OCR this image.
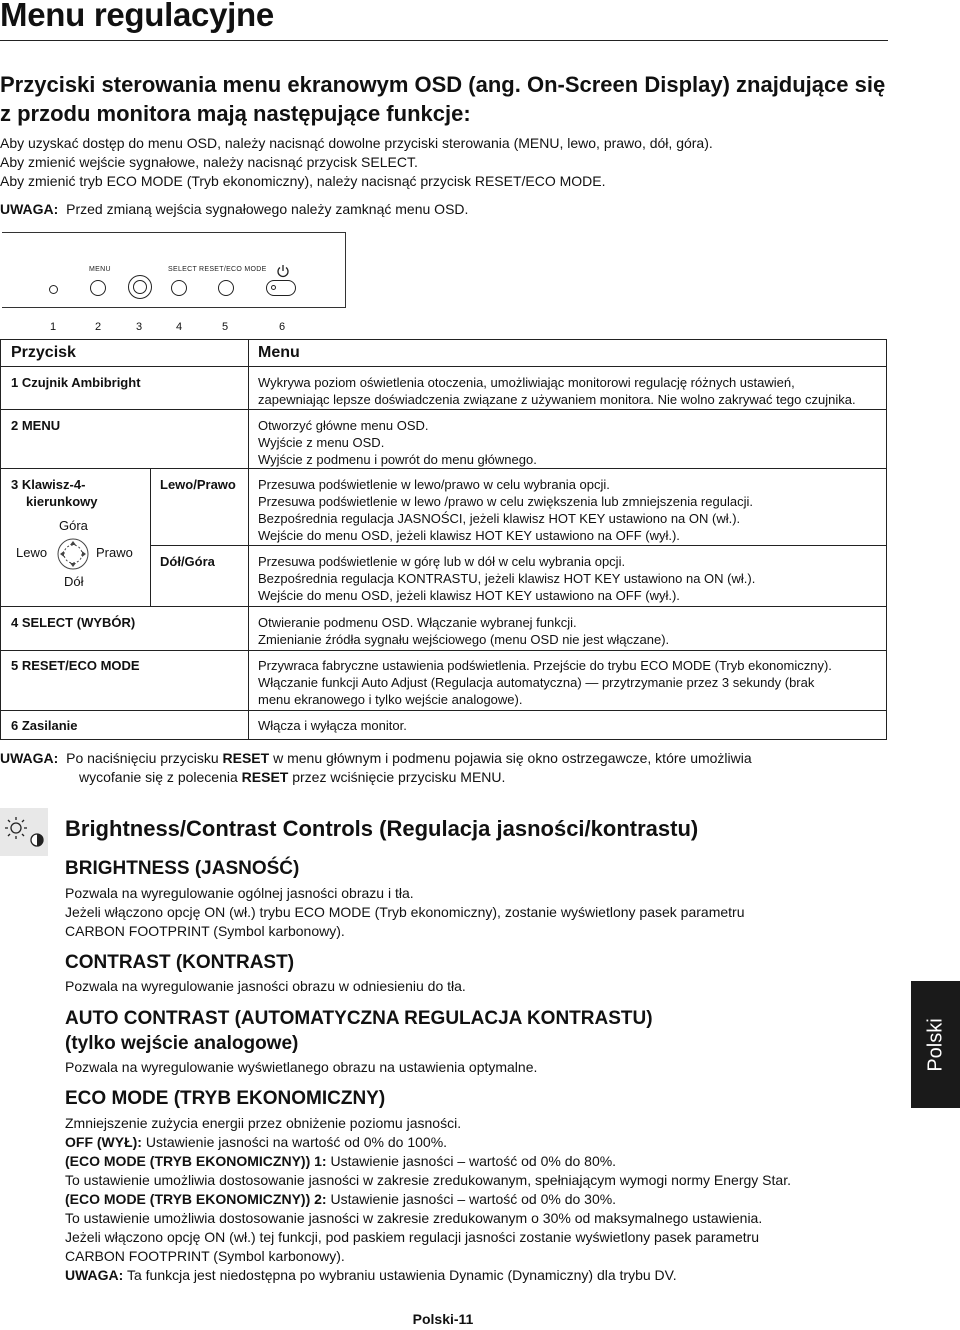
Menu regulacyjne
Przyciski sterowania menu ekranowym OSD (ang. On-Screen Display) znajdujące się z przodu monitora mają następujące funkcje:

Aby uzyskać dostęp do menu OSD, należy nacisnąć dowolne przyciski sterowania (MENU, lewo, prawo, dół, góra).

Aby zmienić wejście sygnałowe, należy nacisnąć przycisk SELECT.

Aby zmienić tryb ECO MODE (Tryb ekonomiczny), należy nacisnąć przycisk RESET/ECO MODE.

UWAGA: Przed zmianą wejścia sygnałowego należy zamknąć menu OSD.
MENU	SELECT RESET/ECO MODE
1	2	3	4	5	6
Przycisk	Menu
1 Czujnik Ambibright	Wykrywa poziom oświetlenia otoczenia, umożliwiając monitorowi regulację różnych ustawień,

zapewniając lepsze doświadczenia związane z używaniem monitora. Nie wolno zakrywać tego czujnika.

2 MENU	Otworzyć główne menu OSD.

Wyjście z menu OSD.

Wyjście z podmenu i powrót do menu głównego.

3 Klawisz-4-
kierunkowy
Góra
Lewo	Prawo
Dół
Lewo/Prawo Przesuwa podświetlenie w lewo/prawo w celu wybrania opcji.

Przesuwa podświetlenie w lewo /prawo w celu zwiększenia lub zmniejszenia regulacji.

Bezpośrednia regulacja JASNOŚCI, jeżeli klawisz HOT KEY ustawiono na ON (wł.).

Wejście do menu OSD, jeżeli klawisz HOT KEY ustawiono na OFF (wył.).

Dół/Góra	Przesuwa podświetlenie w górę lub w dół w celu wybrania opcji.

Bezpośrednia regulacja KONTRASTU, jeżeli klawisz HOT KEY ustawiono na ON (wł.).

Wejście do menu OSD, jeżeli klawisz HOT KEY ustawiono na OFF (wył.).

4 SELECT (WYBÓR)	Otwieranie podmenu OSD. Włączanie wybranej funkcji.

Zmienianie źródła sygnału wejściowego (menu OSD nie jest włączane).

5 RESET/ECO MODE	Przywraca fabryczne ustawienia podświetlenia. Przejście do trybu ECO MODE (Tryb ekonomiczny).

Włączanie funkcji Auto Adjust (Regulacja automatyczna) — przytrzymanie przez 3 sekundy (brak

menu ekranowego i tylko wejście analogowe).

6 Zasilanie	Włącza i wyłącza monitor.

UWAGA: Po naciśnięciu przycisku RESET w menu głównym i podmenu pojawia się okno ostrzegawcze, które umożliwia
wycofanie się z polecenia RESET przez wciśnięcie przycisku MENU.
Brightness/Contrast Controls (Regulacja jasności/kontrastu)
BRIGHTNESS (JASNOŚĆ)

Pozwala na wyregulowanie ogólnej jasności obrazu i tła.

Jeżeli włączono opcję ON (wł.) trybu ECO MODE (Tryb ekonomiczny), zostanie wyświetlony pasek parametru

CARBON FOOTPRINT (Symbol karbonowy).

CONTRAST (KONTRAST)

Pozwala na wyregulowanie jasności obrazu w odniesieniu do tła.

AUTO CONTRAST (AUTOMATYCZNA REGULACJA KONTRASTU)
(tylko wejście analogowe)

Pozwala na wyregulowanie wyświetlanego obrazu na ustawienia optymalne.

ECO MODE (TRYB EKONOMICZNY)

Zmniejszenie zużycia energii przez obniżenie poziomu jasności.

OFF (WYŁ): Ustawienie jasności na wartość od 0% do 100%.

(ECO MODE (TRYB EKONOMICZNY)) 1: Ustawienie jasności – wartość od 0% do 80%.

To ustawienie umożliwia dostosowanie jasności w zakresie zredukowanym, spełniającym wymogi normy Energy Star.

(ECO MODE (TRYB EKONOMICZNY)) 2: Ustawienie jasności – wartość od 0% do 30%.

To ustawienie umożliwia dostosowanie jasności w zakresie zredukowanym o 30% od maksymalnego ustawienia.

Jeżeli włączono opcję ON (wł.) tej funkcji, pod paskiem regulacji jasności zostanie wyświetlony pasek parametru

CARBON FOOTPRINT (Symbol karbonowy).

UWAGA: Ta funkcja jest niedostępna po wybraniu ustawienia Dynamic (Dynamiczny) dla trybu DV.

Polski
Polski-11
